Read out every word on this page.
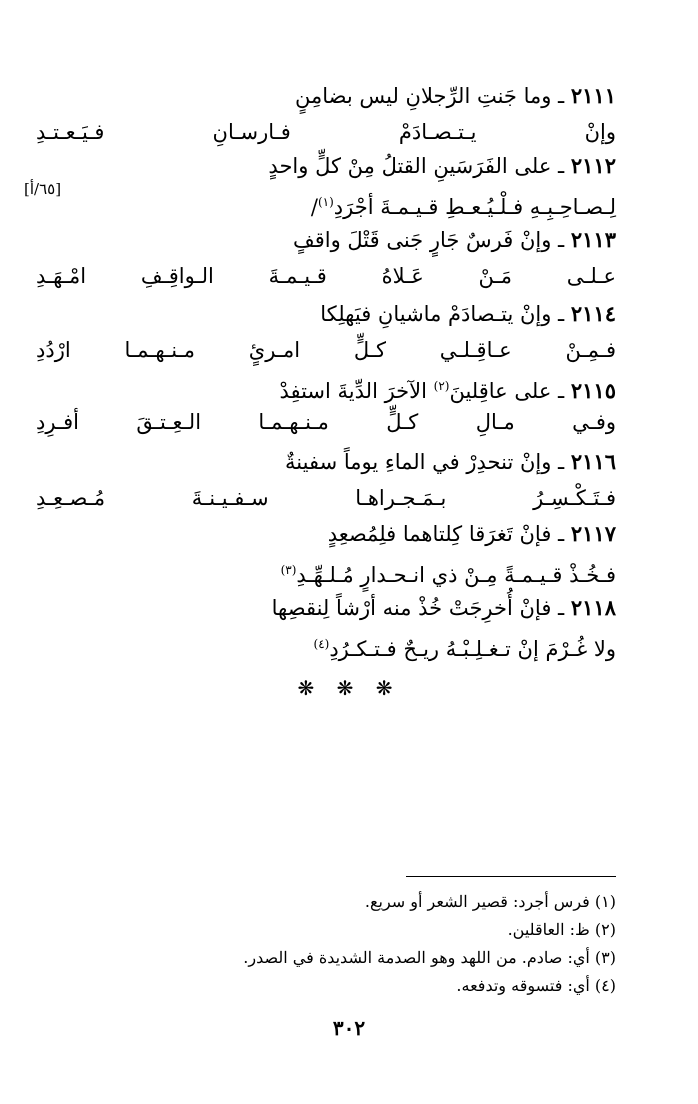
٢١١١ ـ وما جَنتِ الرِّجلانِ ليس بضامِنٍ
وإنْ يـتـصـادَمْ فـارسـانِ فـيَـعـتـدِ
٢١١٢ ـ على الفَرَسَينِ القتلُ مِنْ كلٍّ واحدٍ
لِـصـاحِـبِـهِ فـلْـيُـعـطِ قـيـمـةَ أجْرَدِ$^{(١)}$/
[٦٥/أ]
٢١١٣ ـ وإنْ فَرسٌ جَارٍ جَنى قَتْلَ واقفٍ
عـلـى مَـنْ عَـلاهُ قـيـمـةَ الـواقِـفِ امْـهَـدِ
٢١١٤ ـ وإنْ يتـصادَمْ ماشيانِ فيَهلِكا
فـمِـنْ عـاقِـلـي كـلٍّ امـرئٍ مـنـهـمـا ارْدُدِ
٢١١٥ ـ على عاقِلينَ$^{(٢)}$ الآخرَ الدِّيةَ استفِدْ
وفـي مـالِ كـلٍّ مـنـهـمـا الـعِـتـقَ أفـرِدِ
٢١١٦ ـ وإنْ تنحدِرْ في الماءِ يوماً سفينةٌ
فـتَـكْـسِـرُ بـمَـجـراهـا سـفـيـنـةَ مُـصـعِـدِ
٢١١٧ ـ فإنْ تَغرَقا كِلتاهما فلِمُصعِدٍ
فـخُـذْ قـيـمـةً مِـنْ ذي انـحـدارٍ مُـلـهِّـدِ$^{(٣)}$
٢١١٨ ـ فإنْ أُخرِجَتْ خُذْ منه أرْشاً لِنقصِها
ولا غُـرْمَ إنْ تـغـلِـبْـهُ ريـحٌ فـتـكـرُدِ$^{(٤)}$
❋ ❋ ❋
(١) فرس أجرد: قصير الشعر أو سريع.
(٢) ظ: العاقلين.
(٣) أي: صادم. من اللهد وهو الصدمة الشديدة في الصدر.
(٤) أي: فتسوقه وتدفعه.
٣٠٢
